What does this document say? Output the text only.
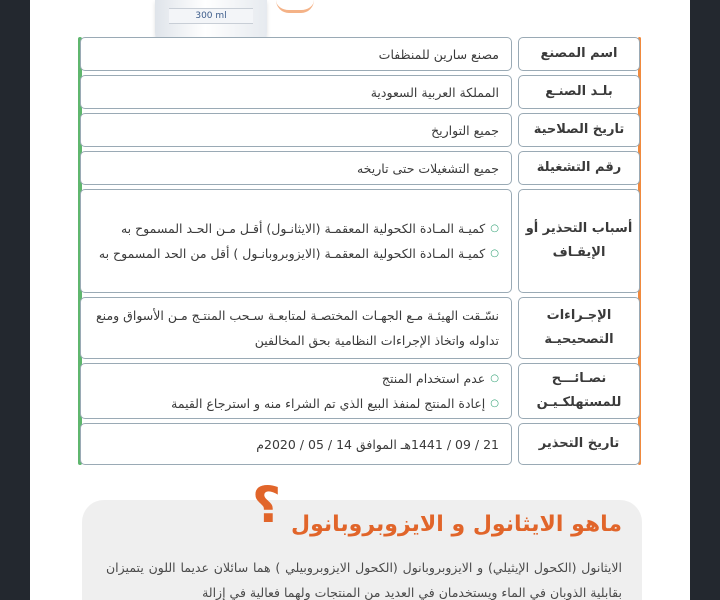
300 ml
اسم المصنع
مصنع سارين للمنظفات
بلـد الصنـع
المملكة العربية السعودية
تاريخ الصلاحية
جميع التواريخ
رقم التشغيلة
جميع التشغيلات حتى تاريخه
أسباب التحذير أو الإيقـاف
○
كميـة المـادة الكحولية المعقمـة (الايثانـول) أقـل مـن الحـد المسموح به
○
كميـة المـادة الكحولية المعقمـة (الايزوبروبانـول ) أقل من الحد المسموح به
الإجـراءات التصحيحيـة
نسّـقت الهيئـة مـع الجهـات المختصـة لمتابعـة سـحب المنتـج مـن الأسواق ومنع تداوله واتخاذ الإجراءات النظامية بحق المخالفين
نصـائـــح للمستهلكـيـن
○
عدم استخدام المنتج
○
إعادة المنتج لمنفذ البيع الذي تم الشراء منه و استرجاع القيمة
تاريخ التحذير
21 / 09 / 1441هـ الموافق 14 / 05 / 2020م
؟ ماهو الايثانول و الايزوبروبانول
الايثانول (الكحول الإيثيلي) و الايزوبروبانول (الكحول الايزوبروبيلي ) هما سائلان عديما اللون يتميزان بقابلية الذوبان في الماء ويستخدمان في العديد من المنتجات ولهما فعالية في إزالة
